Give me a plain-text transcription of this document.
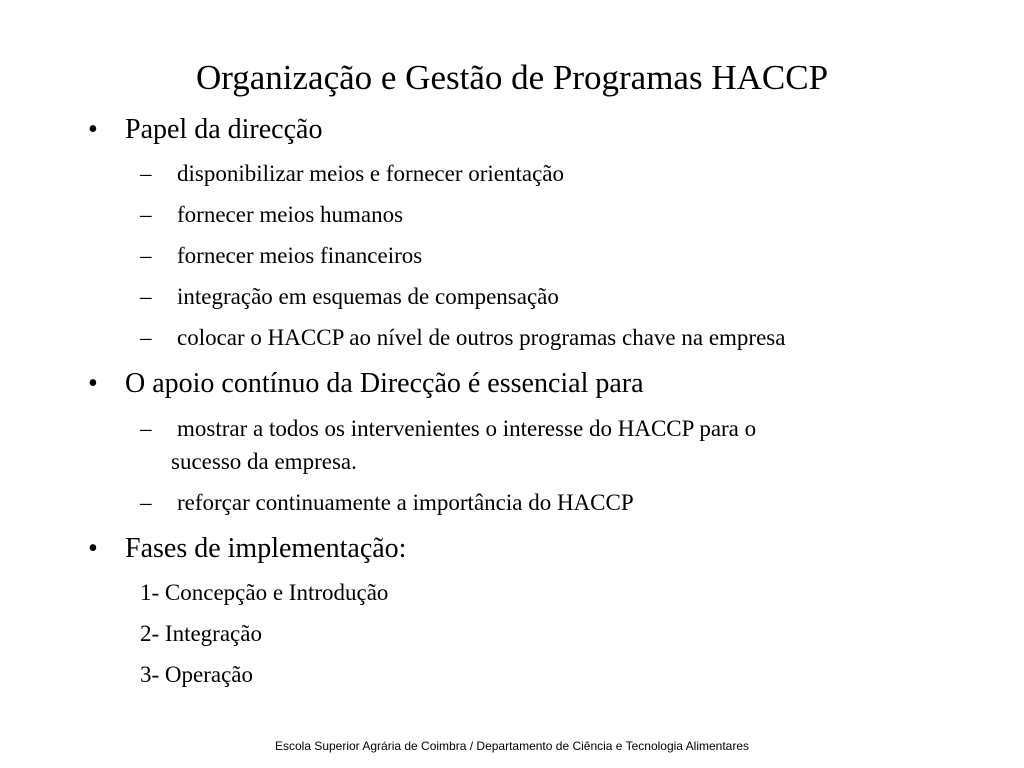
Organização e Gestão de Programas HACCP
• Papel da direcção
– disponibilizar meios e fornecer orientação
– fornecer meios humanos
– fornecer meios financeiros
– integração em esquemas de compensação
– colocar o HACCP ao nível de outros programas chave na empresa
• O apoio contínuo da Direcção é essencial para
– mostrar a todos os intervenientes o interesse do HACCP para o
sucesso da empresa.
– reforçar continuamente a importância do HACCP
• Fases de implementação:
1- Concepção e Introdução
2- Integração
3- Operação
Escola Superior Agrária de Coimbra / Departamento de Ciência e Tecnologia Alimentares
